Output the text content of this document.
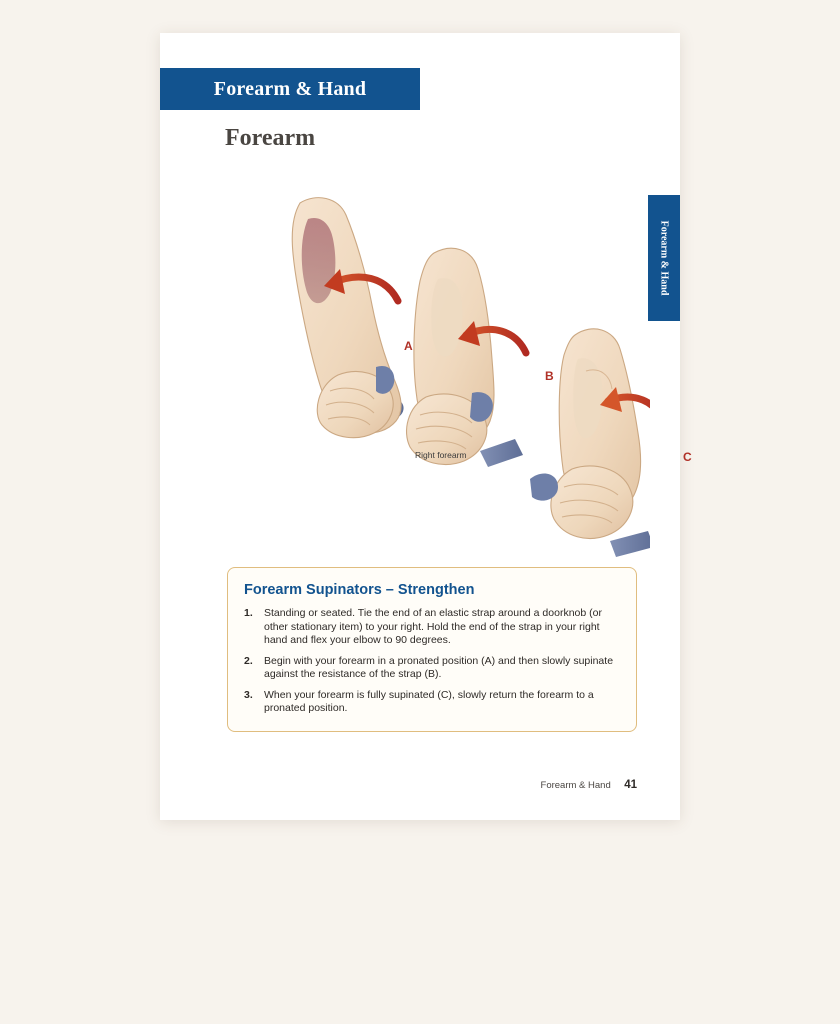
Forearm & Hand
Forearm & Hand
Forearm
A
B
C
Right forearm
Forearm Supinators – Strengthen
1.	Standing or seated. Tie the end of an elastic strap around a doorknob (or other stationary item) to your right. Hold the end of the strap in your right hand and flex your elbow to 90 degrees.
2.	Begin with your forearm in a pronated position (A) and then slowly supinate against the resistance of the strap (B).
3.	When your forearm is fully supinated (C), slowly return the forearm to a pronated position.
Forearm & Hand 41
